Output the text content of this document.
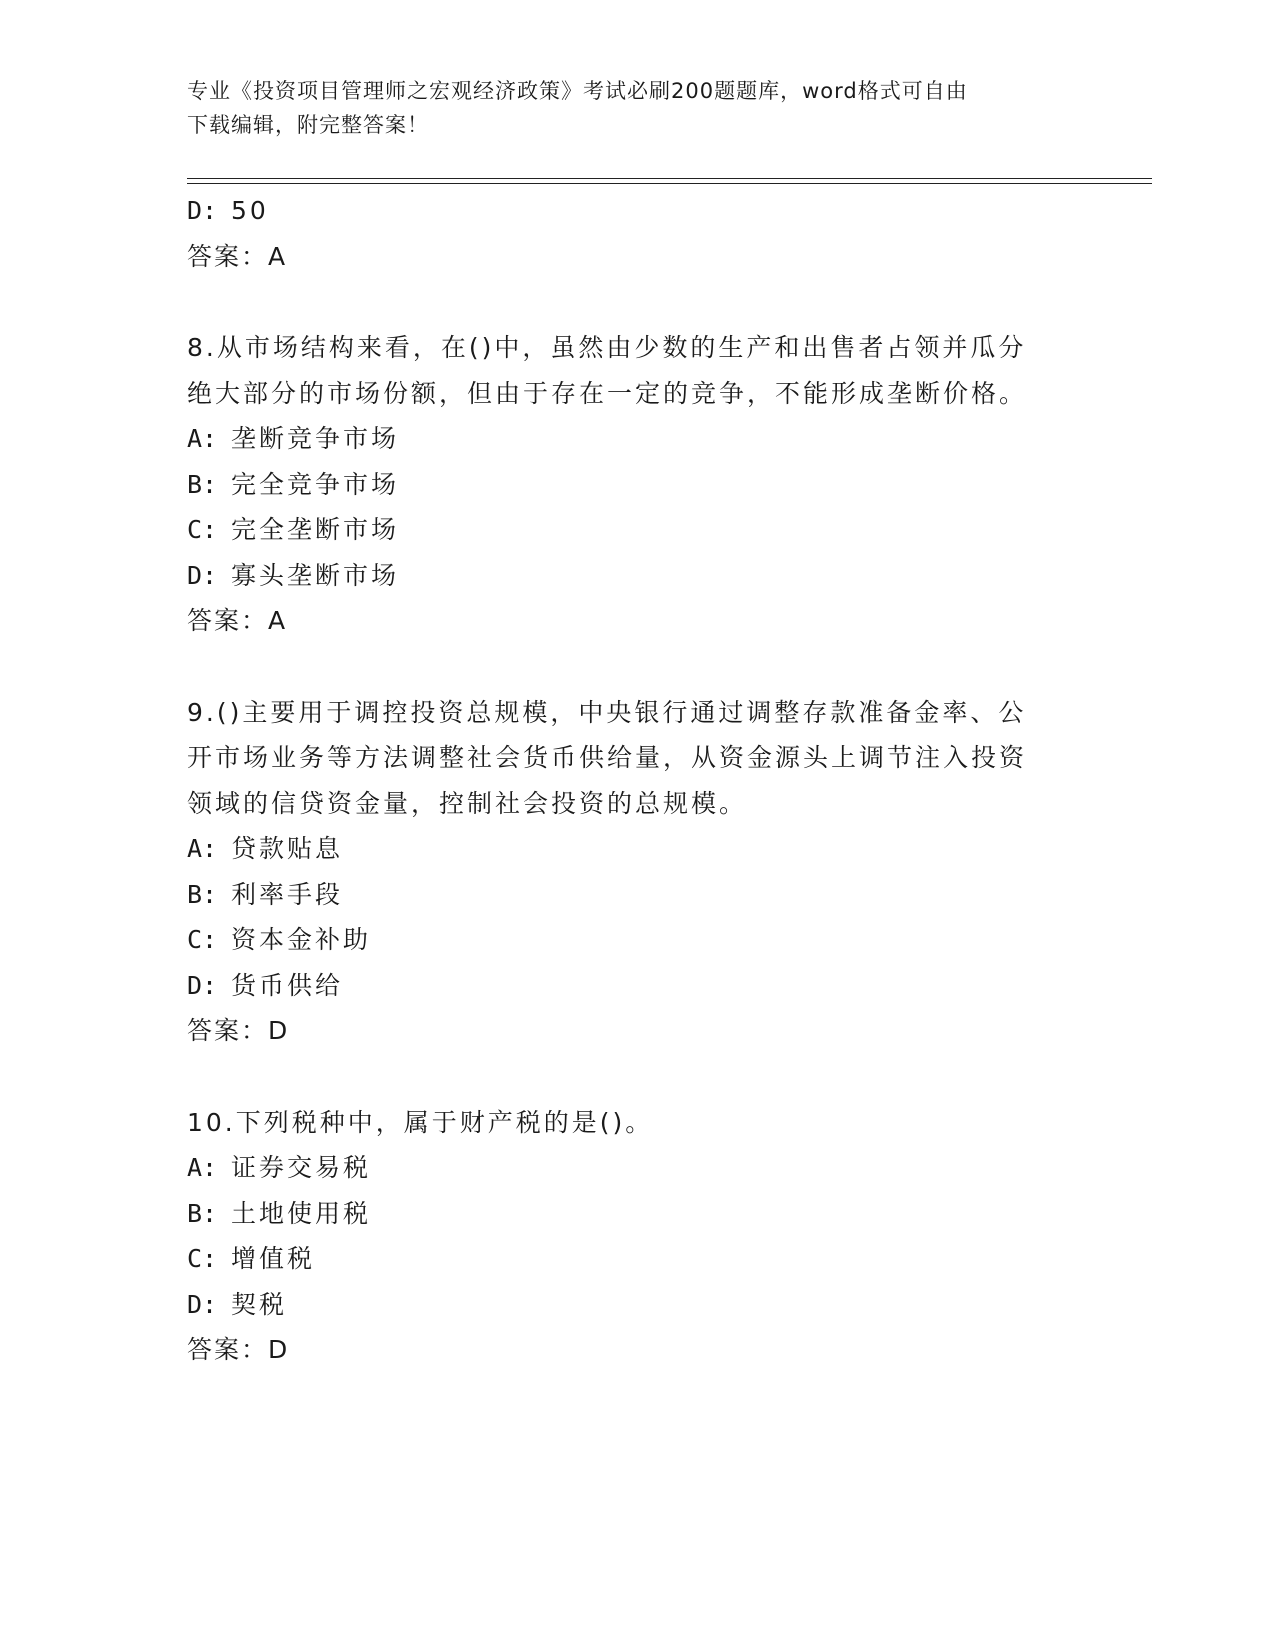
专业《投资项目管理师之宏观经济政策》考试必刷200题题库，word格式可自由
下载编辑，附完整答案！
D: 50
答案：A
8.从市场结构来看，在()中，虽然由少数的生产和出售者占领并瓜分
绝大部分的市场份额，但由于存在一定的竞争，不能形成垄断价格。
A: 垄断竞争市场
B: 完全竞争市场
C: 完全垄断市场
D: 寡头垄断市场
答案：A
9.()主要用于调控投资总规模，中央银行通过调整存款准备金率、公
开市场业务等方法调整社会货币供给量，从资金源头上调节注入投资
领域的信贷资金量，控制社会投资的总规模。
A: 贷款贴息
B: 利率手段
C: 资本金补助
D: 货币供给
答案：D
10.下列税种中，属于财产税的是()。
A: 证券交易税
B: 土地使用税
C: 增值税
D: 契税
答案：D
